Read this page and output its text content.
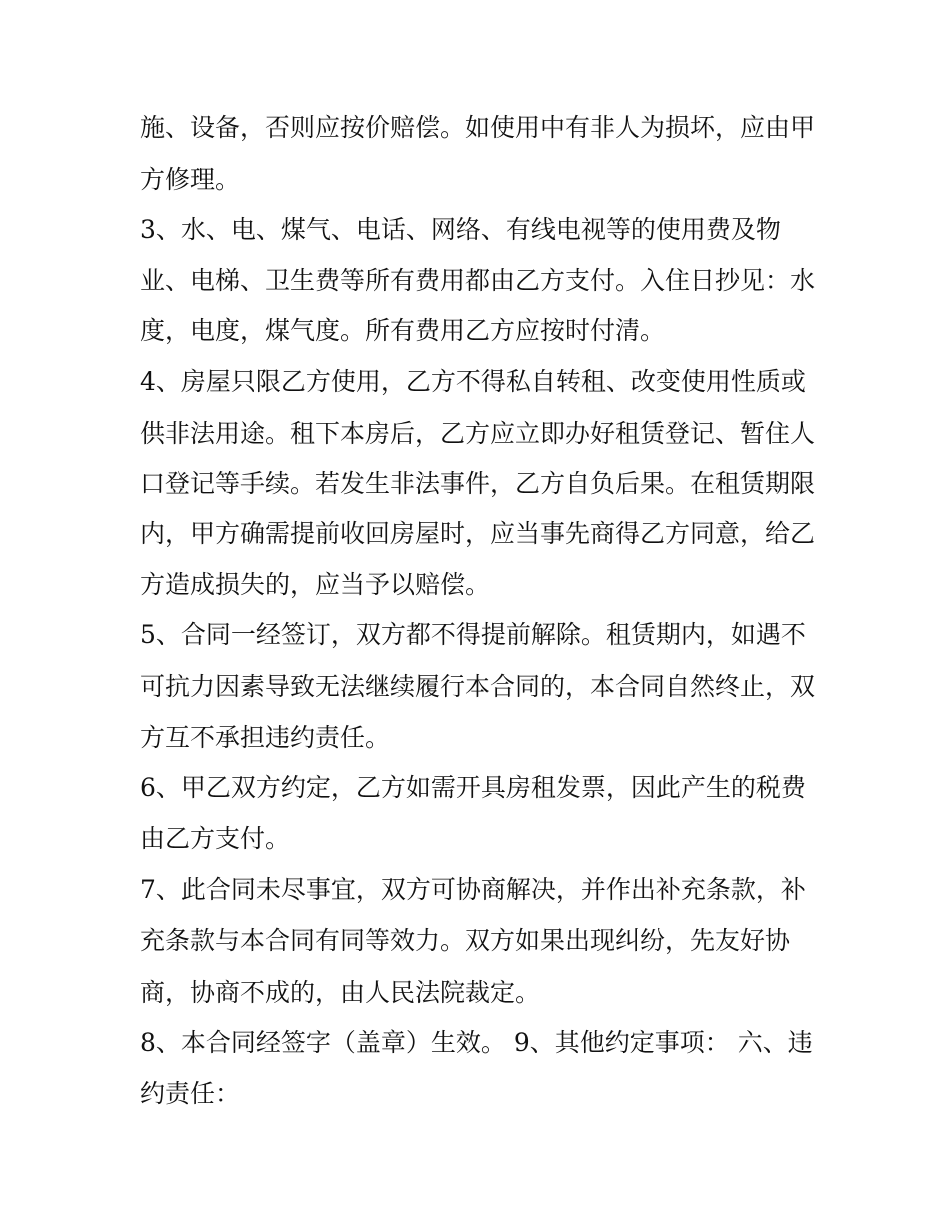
施、设备，否则应按价赔偿。如使用中有非人为损坏，应由甲
方修理。
3、水、电、煤气、电话、网络、有线电视等的使用费及物
业、电梯、卫生费等所有费用都由乙方支付。入住日抄见：水
度，电度，煤气度。所有费用乙方应按时付清。
4、房屋只限乙方使用，乙方不得私自转租、改变使用性质或
供非法用途。租下本房后，乙方应立即办好租赁登记、暂住人
口登记等手续。若发生非法事件，乙方自负后果。在租赁期限
内，甲方确需提前收回房屋时，应当事先商得乙方同意，给乙
方造成损失的，应当予以赔偿。
5、合同一经签订，双方都不得提前解除。租赁期内，如遇不
可抗力因素导致无法继续履行本合同的，本合同自然终止，双
方互不承担违约责任。
6、甲乙双方约定，乙方如需开具房租发票，因此产生的税费
由乙方支付。
7、此合同未尽事宜，双方可协商解决，并作出补充条款，补
充条款与本合同有同等效力。双方如果出现纠纷，先友好协
商，协商不成的，由人民法院裁定。
8、本合同经签字（盖章）生效。 9、其他约定事项： 六、违
约责任：
